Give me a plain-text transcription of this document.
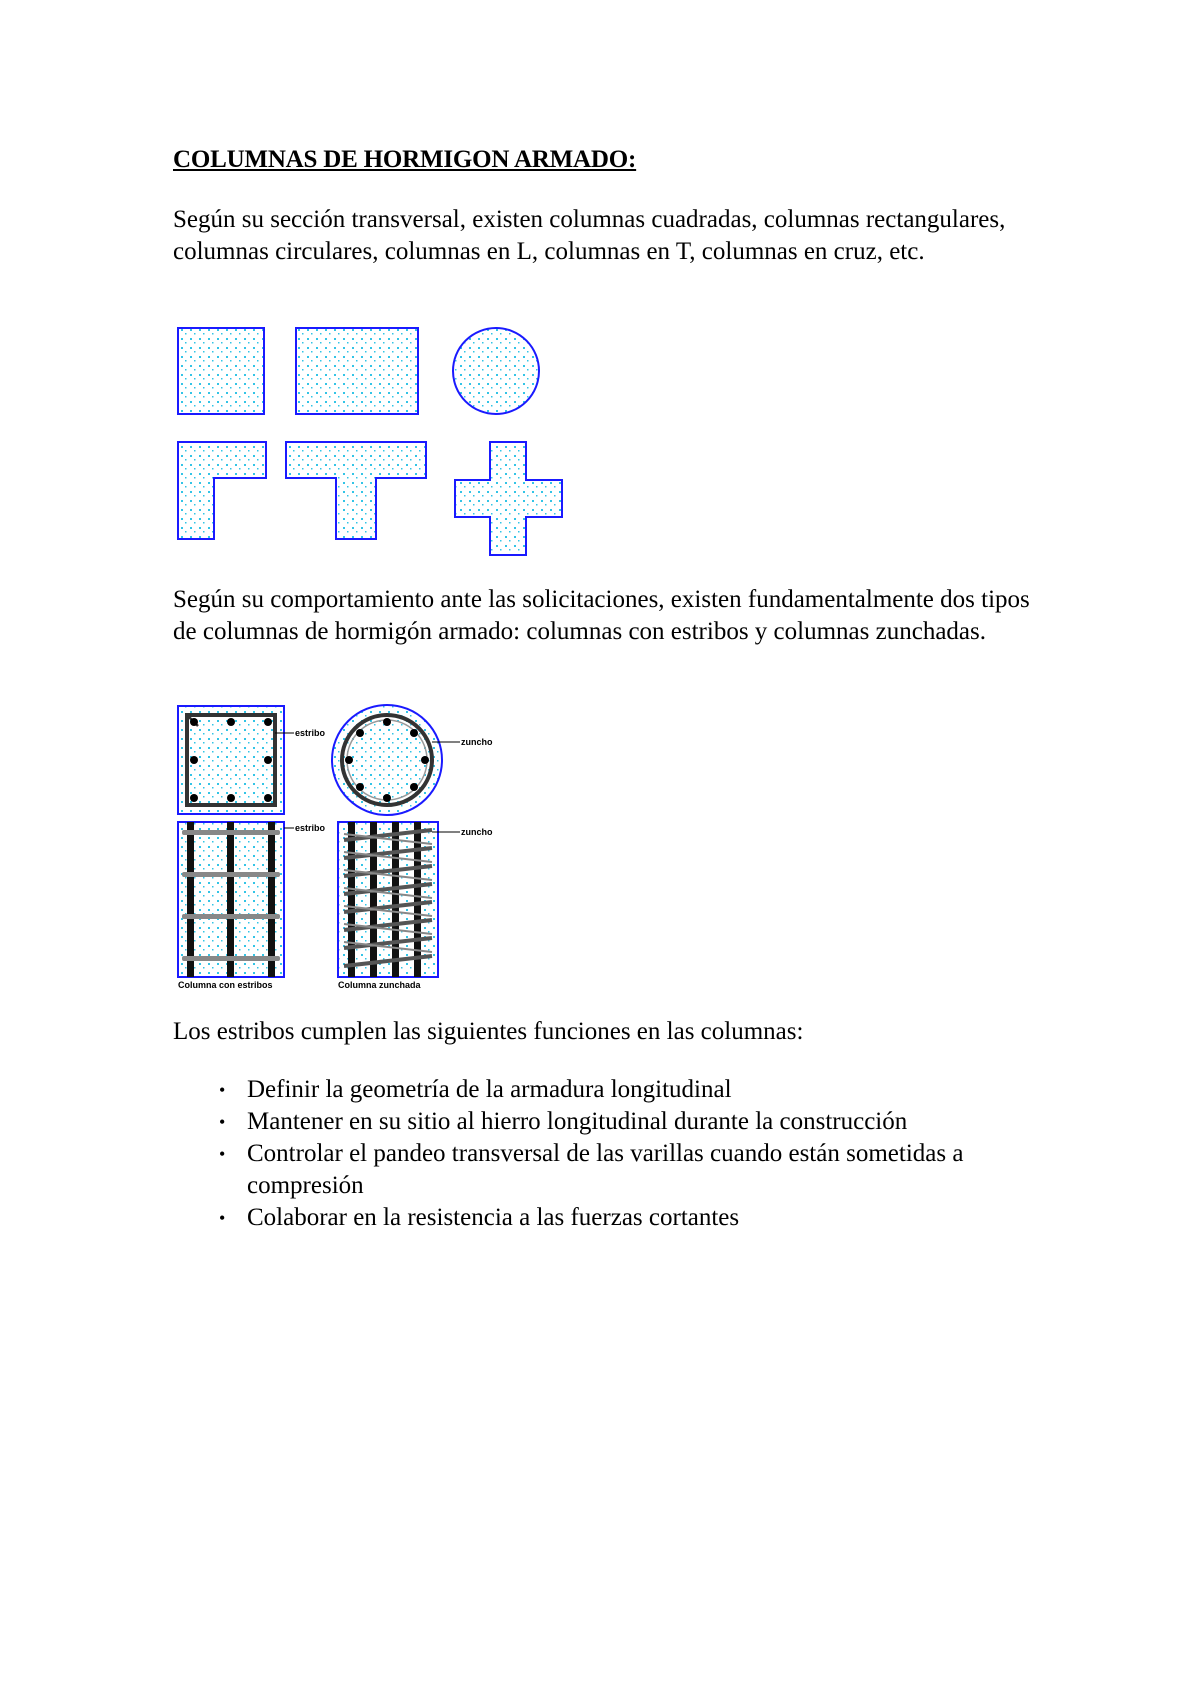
COLUMNAS DE HORMIGON ARMADO:

Según su sección transversal, existen columnas cuadradas, columnas rectangulares, columnas circulares, columnas en L, columnas en T, columnas en cruz, etc.

Según su comportamiento ante las solicitaciones, existen fundamentalmente dos tipos de columnas de hormigón armado: columnas con estribos y columnas zunchadas.

estribo
zuncho
estribo	zuncho
Columna con estribos	Columna zunchada

Los estribos cumplen las siguientes funciones en las columnas:

• Definir la geometría de la armadura longitudinal
• Mantener en su sitio al hierro longitudinal durante la construcción
• Controlar el pandeo transversal de las varillas cuando están sometidas a compresión
• Colaborar en la resistencia a las fuerzas cortantes
